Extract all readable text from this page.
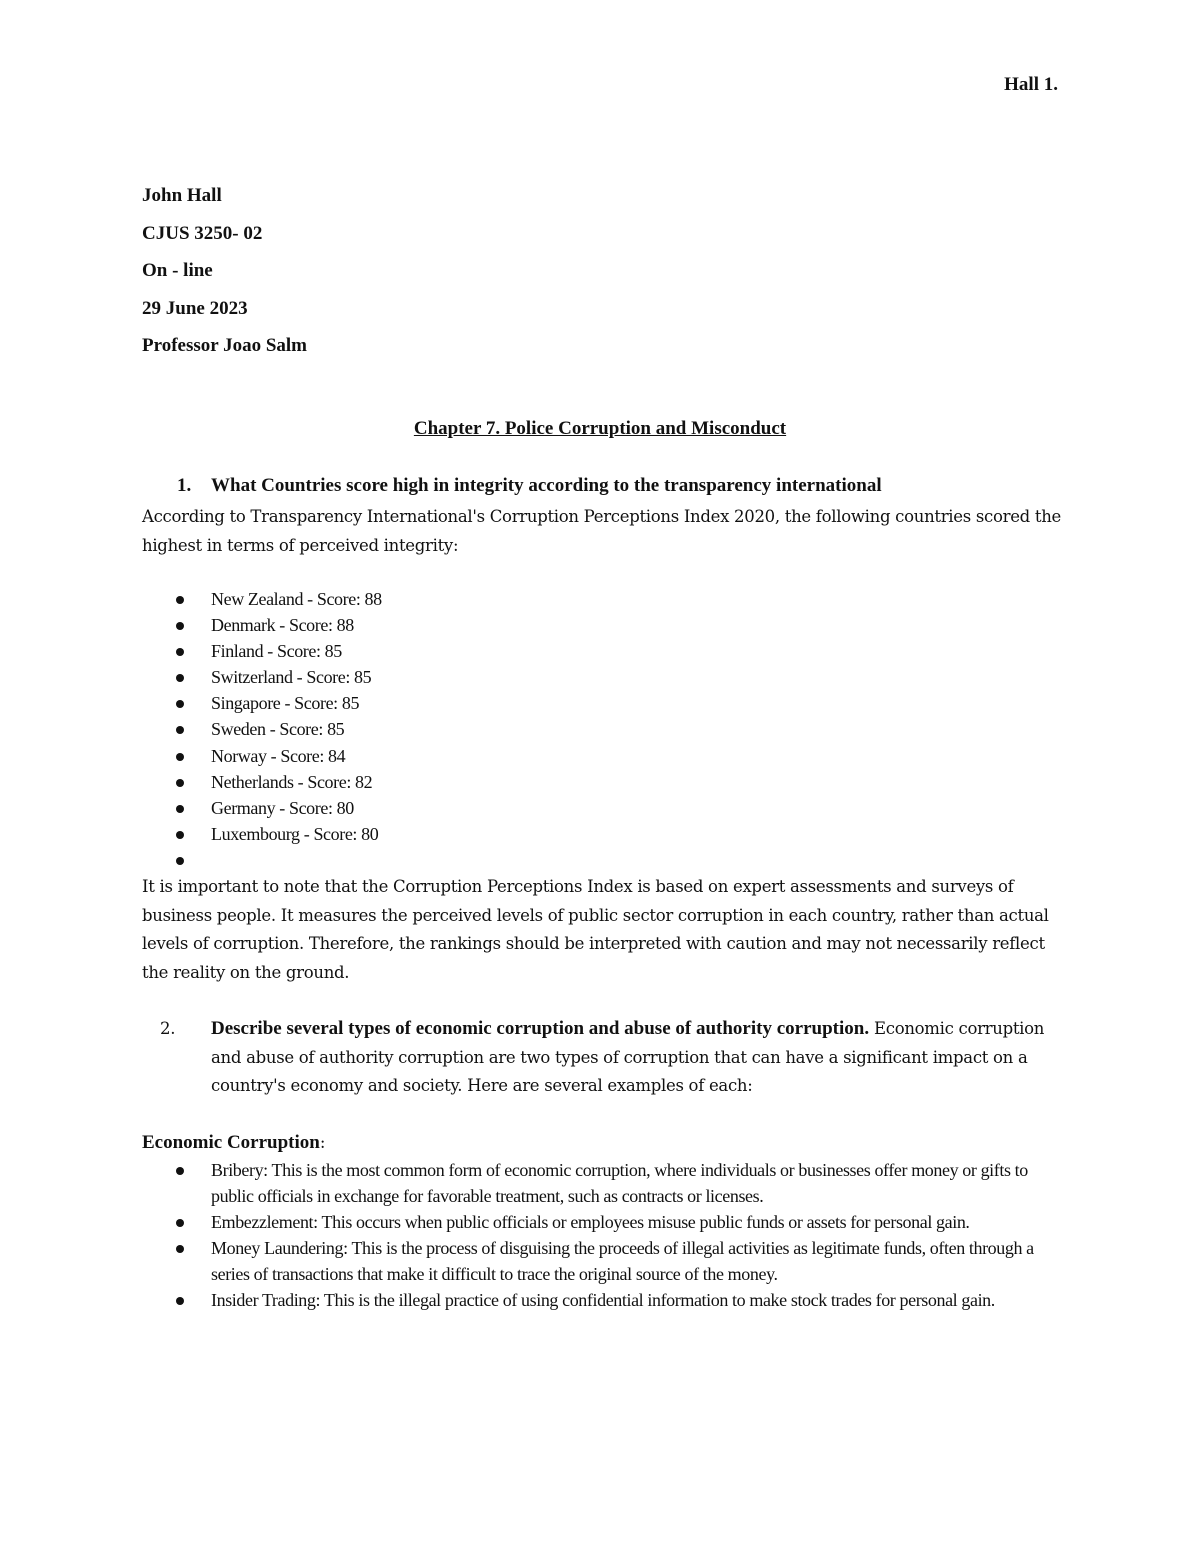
Hall 1.
John Hall
CJUS 3250- 02
On - line
29 June 2023
Professor Joao Salm
Chapter 7. Police Corruption and Misconduct
1. What Countries score high in integrity according to the transparency international
According to Transparency International's Corruption Perceptions Index 2020, the following countries scored the highest in terms of perceived integrity:
New Zealand - Score: 88
Denmark - Score: 88
Finland - Score: 85
Switzerland - Score: 85
Singapore - Score: 85
Sweden - Score: 85
Norway - Score: 84
Netherlands - Score: 82
Germany - Score: 80
Luxembourg - Score: 80
It is important to note that the Corruption Perceptions Index is based on expert assessments and surveys of business people. It measures the perceived levels of public sector corruption in each country, rather than actual levels of corruption. Therefore, the rankings should be interpreted with caution and may not necessarily reflect the reality on the ground.
2. Describe several types of economic corruption and abuse of authority corruption. Economic corruption and abuse of authority corruption are two types of corruption that can have a significant impact on a country's economy and society. Here are several examples of each:
Economic Corruption:
Bribery: This is the most common form of economic corruption, where individuals or businesses offer money or gifts to public officials in exchange for favorable treatment, such as contracts or licenses.
Embezzlement: This occurs when public officials or employees misuse public funds or assets for personal gain.
Money Laundering: This is the process of disguising the proceeds of illegal activities as legitimate funds, often through a series of transactions that make it difficult to trace the original source of the money.
Insider Trading: This is the illegal practice of using confidential information to make stock trades for personal gain.
